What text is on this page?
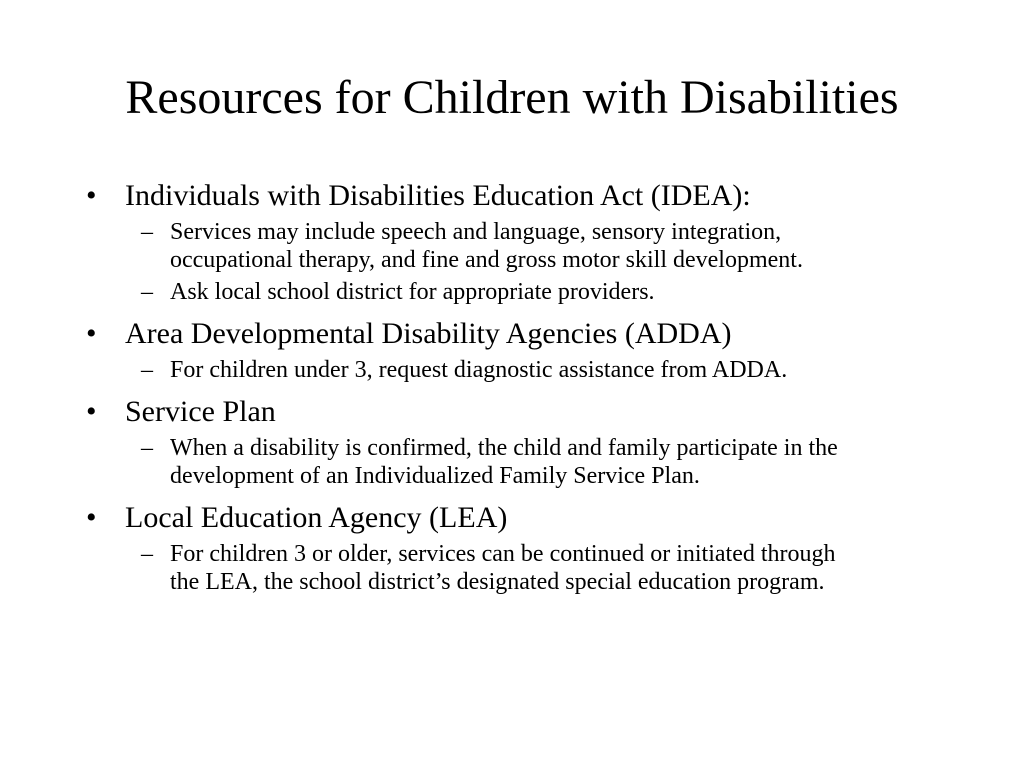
Resources for Children with Disabilities
• Individuals with Disabilities Education Act (IDEA):
– Services may include speech and language, sensory integration, occupational therapy, and fine and gross motor skill development.
– Ask local school district for appropriate providers.
• Area Developmental Disability Agencies (ADDA)
– For children under 3, request diagnostic assistance from ADDA.
• Service Plan
– When a disability is confirmed, the child and family participate in the development of an Individualized Family Service Plan.
• Local Education Agency (LEA)
– For children 3 or older, services can be continued or initiated through the LEA, the school district’s designated special education program.
